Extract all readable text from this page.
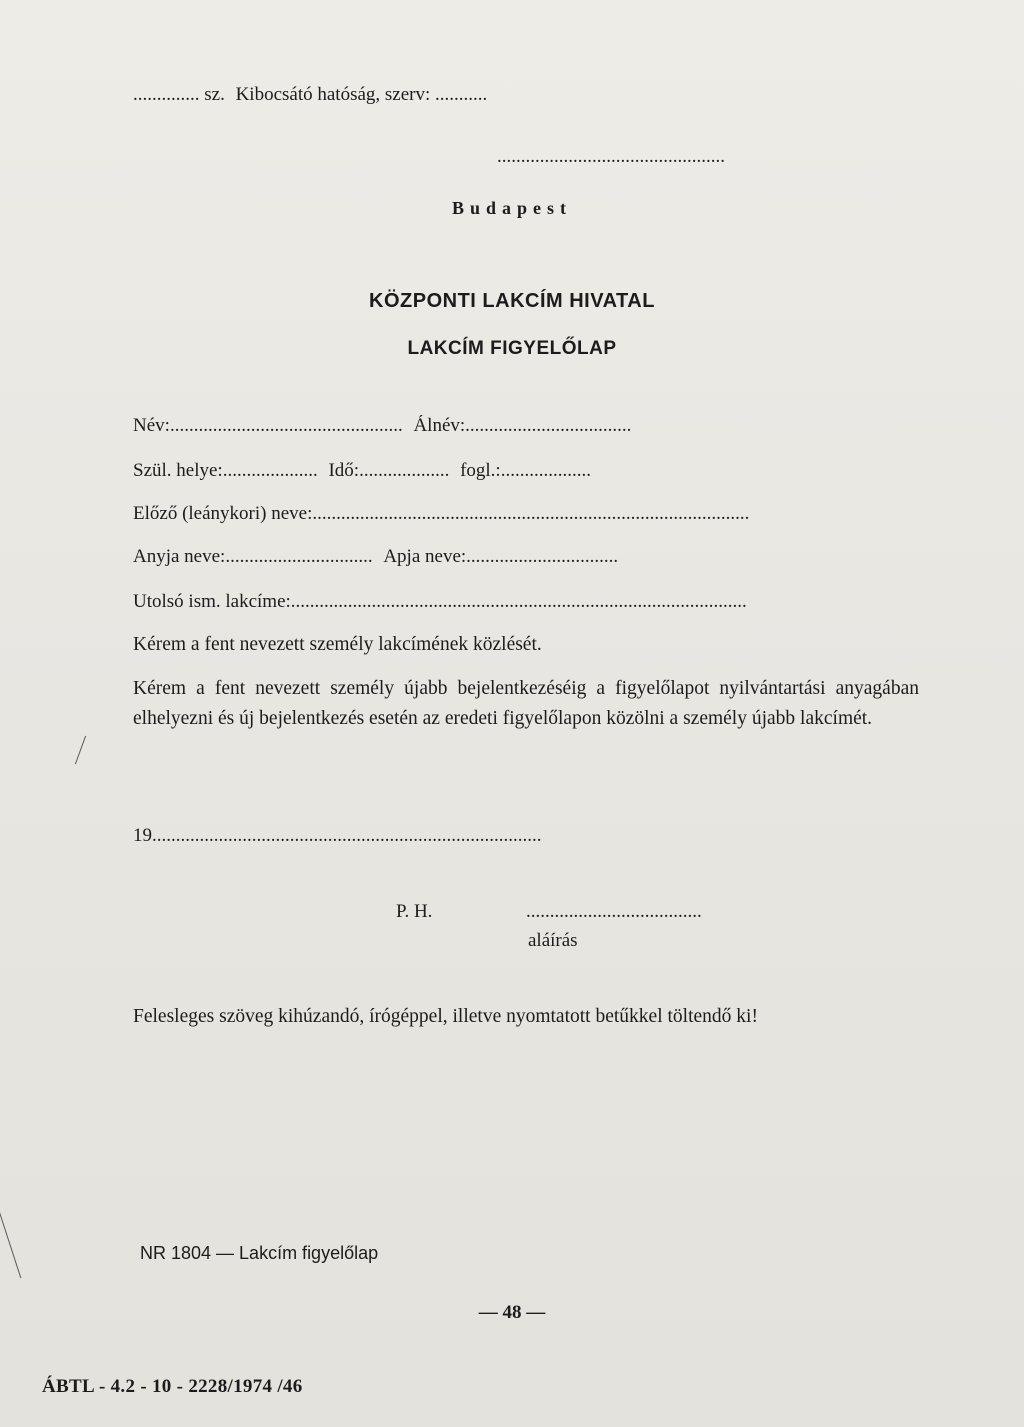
.............. sz. Kibocsátó hatóság, szerv: ...........
................................................
Budapest
KÖZPONTI LAKCÍM HIVATAL
LAKCÍM FIGYELŐLAP
Név:................................................. Álnév:...................................
Szül. helye:.................... Idő:................... fogl.:...................
Előző (leánykori) neve:............................................................................................
Anyja neve:............................... Apja neve:................................
Utolsó ism. lakcíme:................................................................................................
Kérem a fent nevezett személy lakcímének közlését.
Kérem a fent nevezett személy újabb bejelentkezéséig a figyelőlapot nyilvántartási anyagában elhelyezni és új bejelentkezés esetén az eredeti figyelőlapon közölni a személy újabb lakcímét.
19..................................................................................
P. H.	.....................................
aláírás
Felesleges szöveg kihúzandó, írógéppel, illetve nyomtatott betűkkel töltendő ki!
NR 1804 — Lakcím figyelőlap
— 48 —
ÁBTL - 4.2 - 10 - 2228/1974 /46
